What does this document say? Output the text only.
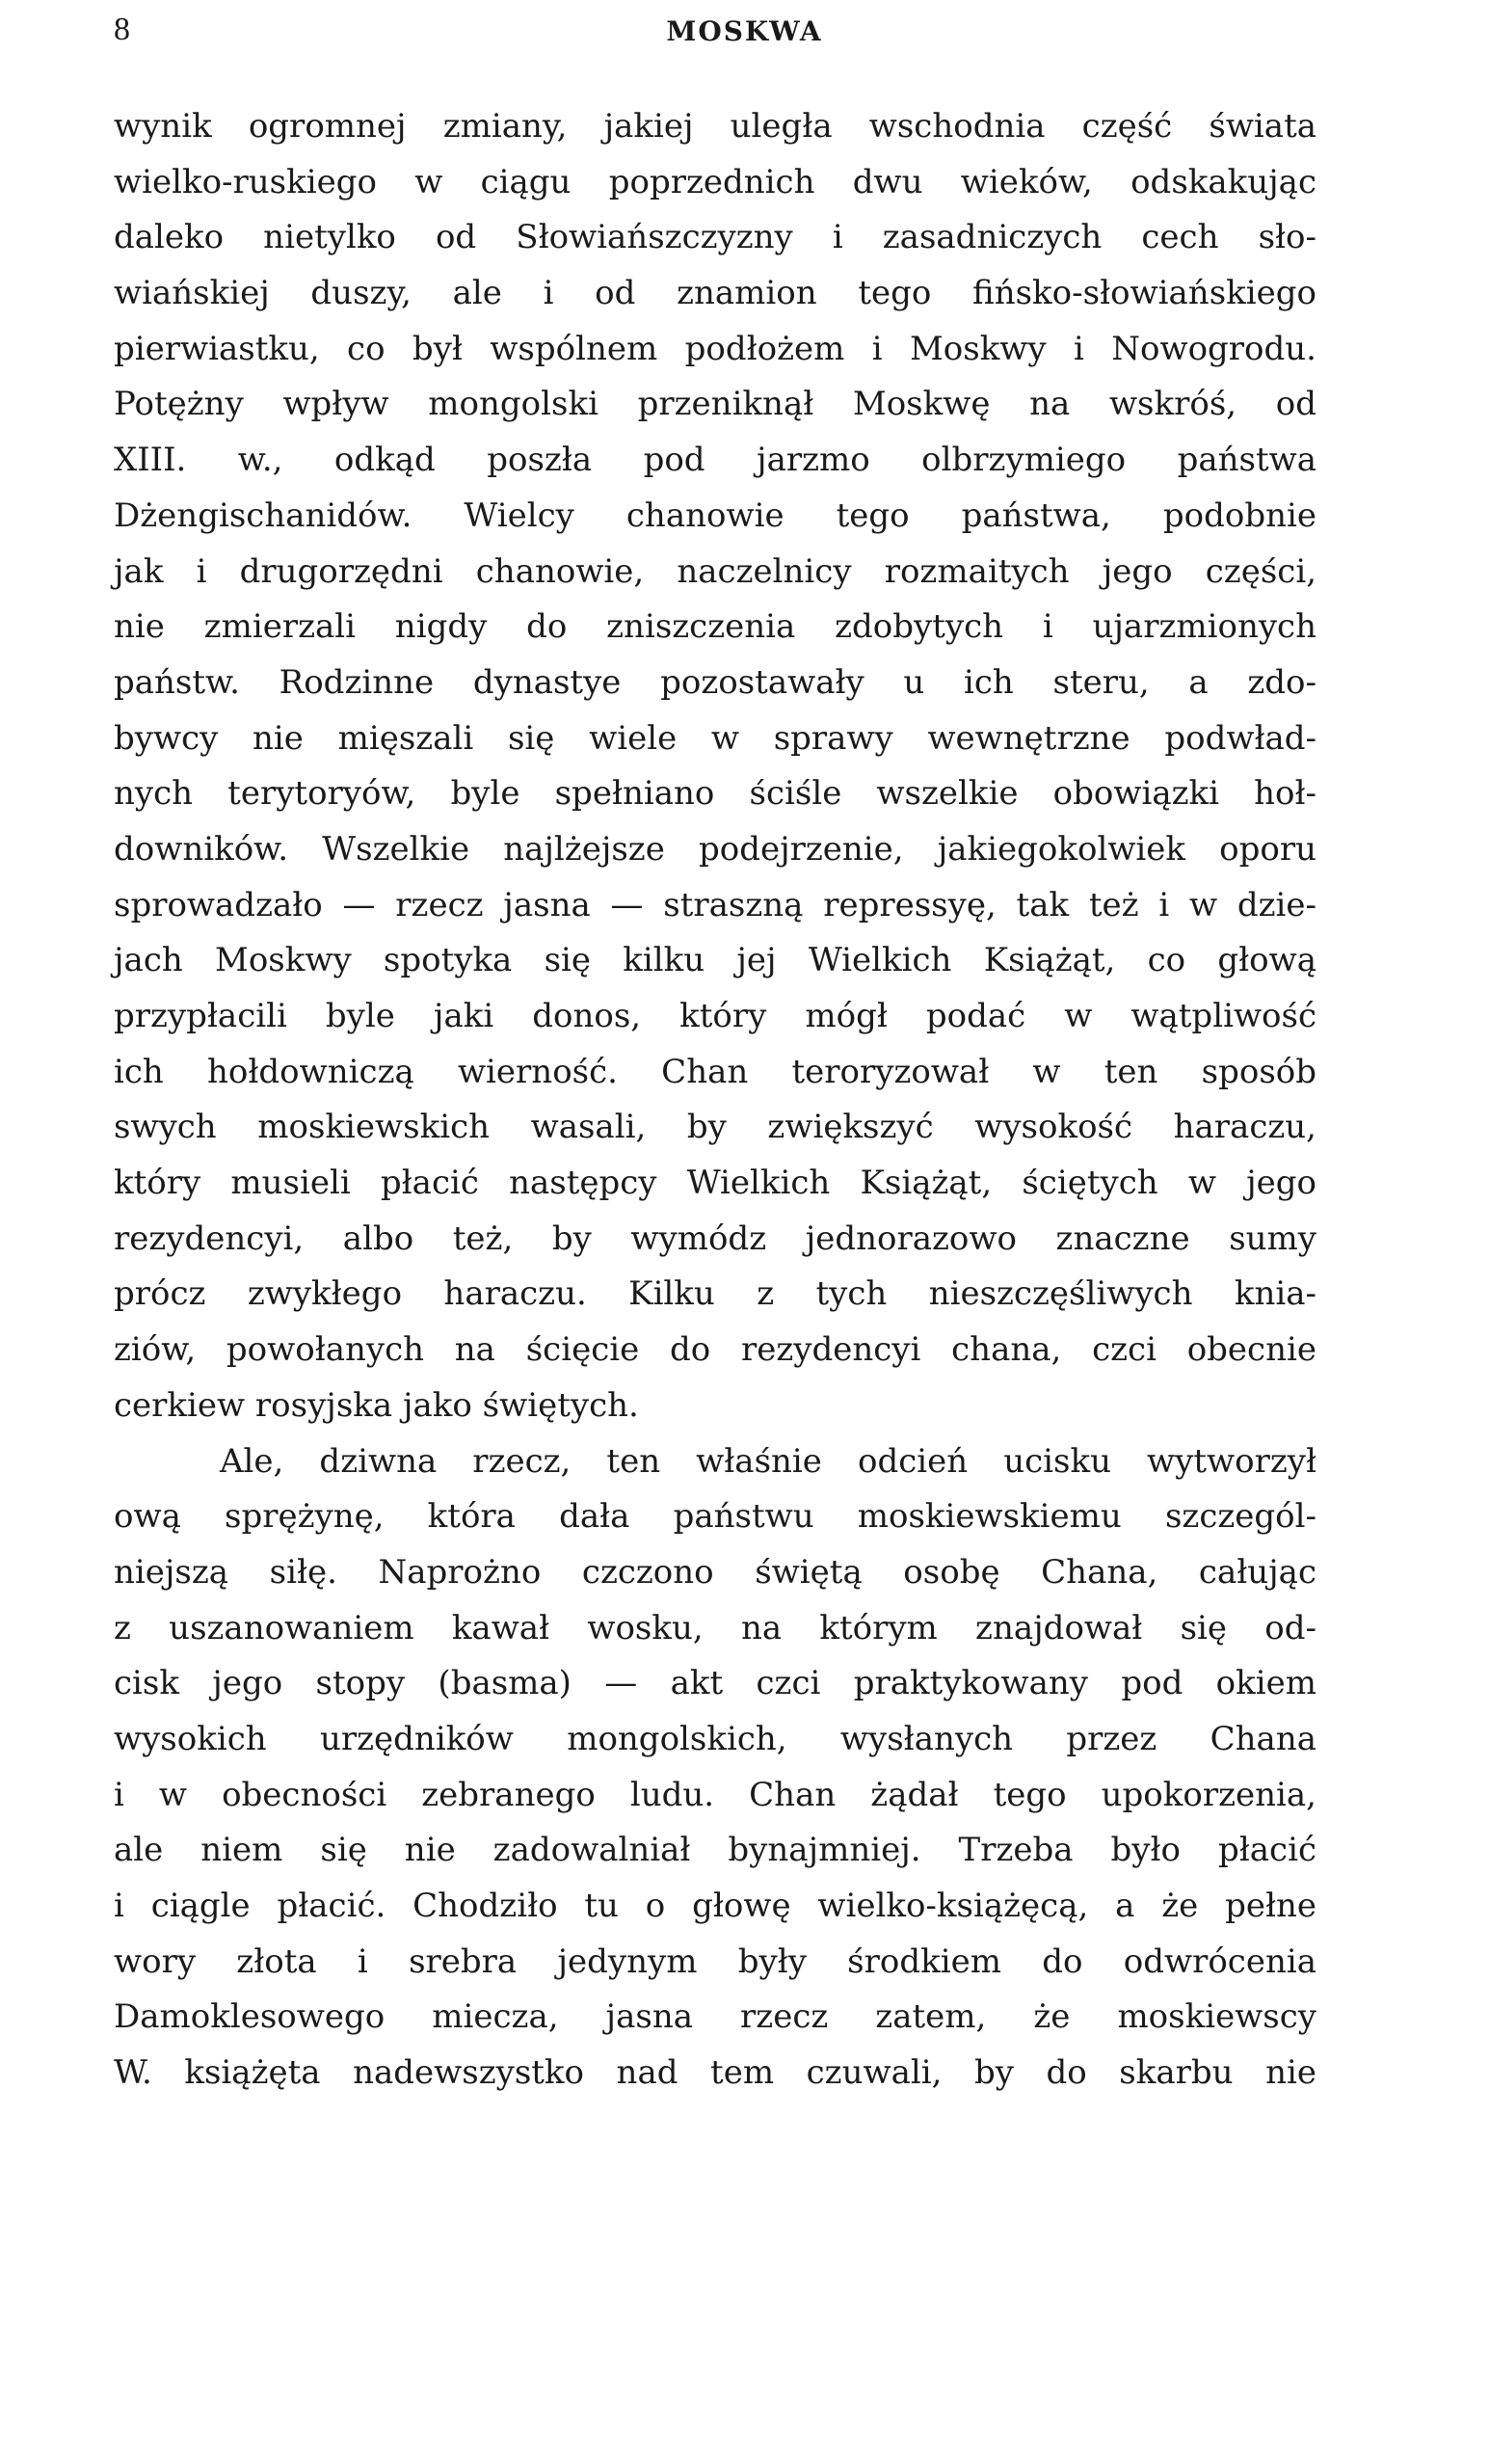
8	MOSKWA
wynik ogromnej zmiany, jakiej uległa wschodnia część świata
wielko-ruskiego w ciągu poprzednich dwu wieków, odskakując
daleko nietylko od Słowiańszczyzny i zasadniczych cech sło-
wiańskiej duszy, ale i od znamion tego fińsko-słowiańskiego
pierwiastku, co był wspólnem podłożem i Moskwy i Nowogrodu.
Potężny wpływ mongolski przeniknął Moskwę na wskróś, od
XIII. w., odkąd poszła pod jarzmo olbrzymiego państwa
Dżengischanidów. Wielcy chanowie tego państwa, podobnie
jak i drugorzędni chanowie, naczelnicy rozmaitych jego części,
nie zmierzali nigdy do zniszczenia zdobytych i ujarzmionych
państw. Rodzinne dynastye pozostawały u ich steru, a zdo-
bywcy nie mięszali się wiele w sprawy wewnętrzne podwład-
nych terytoryów, byle spełniano ściśle wszelkie obowiązki hoł-
downików. Wszelkie najlżejsze podejrzenie, jakiegokolwiek oporu
sprowadzało — rzecz jasna — straszną repressyę, tak też i w dzie-
jach Moskwy spotyka się kilku jej Wielkich Książąt, co głową
przypłacili byle jaki donos, który mógł podać w wątpliwość
ich hołdowniczą wierność. Chan teroryzował w ten sposób
swych moskiewskich wasali, by zwiększyć wysokość haraczu,
który musieli płacić następcy Wielkich Książąt, ściętych w jego
rezydencyi, albo też, by wymódz jednorazowo znaczne sumy
prócz zwykłego haraczu. Kilku z tych nieszczęśliwych knia-
ziów, powołanych na ścięcie do rezydencyi chana, czci obecnie
cerkiew rosyjska jako świętych.
Ale, dziwna rzecz, ten właśnie odcień ucisku wytworzył
ową sprężynę, która dała państwu moskiewskiemu szczegól-
niejszą siłę. Naprożno czczono świętą osobę Chana, całując
z uszanowaniem kawał wosku, na którym znajdował się od-
cisk jego stopy (basma) — akt czci praktykowany pod okiem
wysokich urzędników mongolskich, wysłanych przez Chana
i w obecności zebranego ludu. Chan żądał tego upokorzenia,
ale niem się nie zadowalniał bynajmniej. Trzeba było płacić
i ciągle płacić. Chodziło tu o głowę wielko-książęcą, a że pełne
wory złota i srebra jedynym były środkiem do odwrócenia
Damoklesowego miecza, jasna rzecz zatem, że moskiewscy
W. książęta nadewszystko nad tem czuwali, by do skarbu nie
